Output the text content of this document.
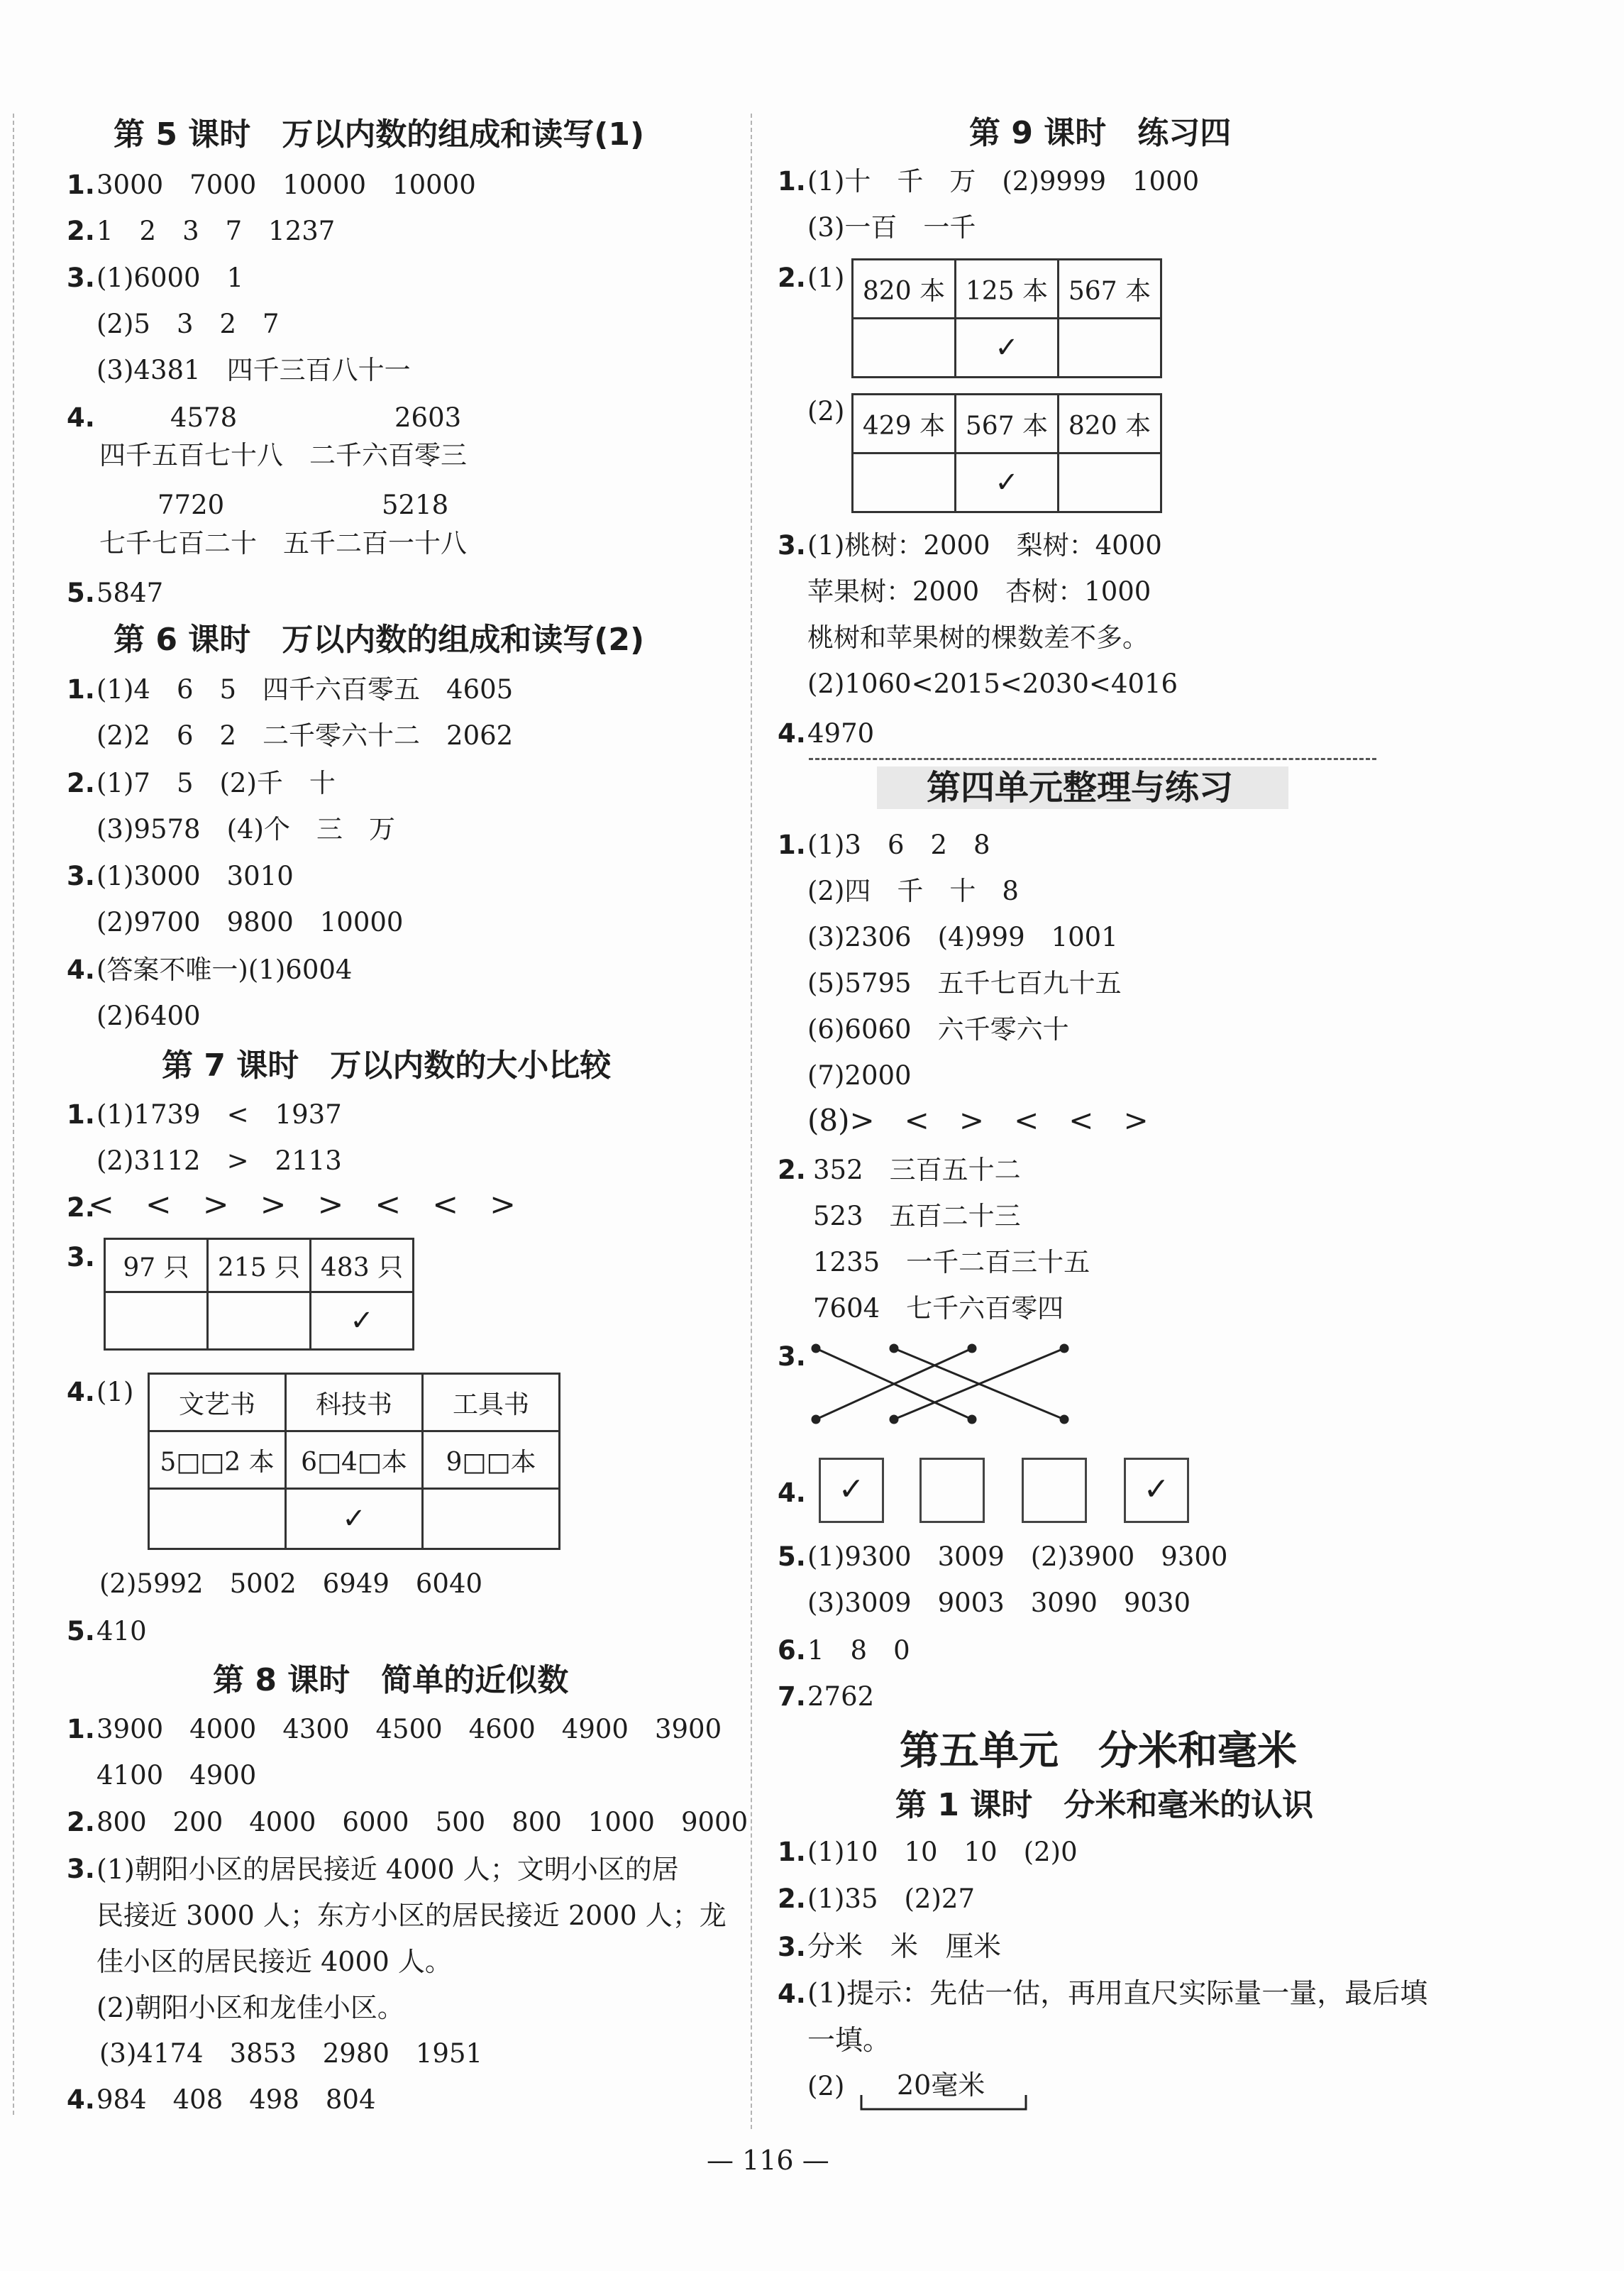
第 5 课时　万以内数的组成和读写(1)
1. 3000　7000　10000　10000
2. 1　2　3　7　1237
3. (1)6000　1
(2)5　3　2　7
(3)4381　四千三百八十一
4.	4578	2603
四千五百七十八　二千六百零三
7720	5218
七千七百二十　五千二百一十八
5. 5847
第 6 课时　万以内数的组成和读写(2)
1. (1)4　6　5　四千六百零五　4605
(2)2　6　2　二千零六十二　2062
2. (1)7　5　(2)千　十
(3)9578　(4)个　三　万
3. (1)3000　3010
(2)9700　9800　10000
4. (答案不唯一)(1)6004
(2)6400
第 7 课时　万以内数的大小比较
1. (1)1739　<　1937
(2)3112　>　2113
2.
<　<　>　>　>　<　<　>
3. 97 只	215 只	483 只
		✓
4. (1) 文艺书	科技书	工具书
5□□2 本	6□4□本	9□□本
	✓	
(2)5992　5002　6949　6040
5. 410
第 8 课时　简单的近似数
1. 3900　4000　4300　4500　4600　4900　3900
4100　4900
2. 800　200　4000　6000　500　800　1000　9000
3. (1)朝阳小区的居民接近 4000 人；文明小区的居
民接近 3000 人；东方小区的居民接近 2000 人；龙
佳小区的居民接近 4000 人。
(2)朝阳小区和龙佳小区。
(3)4174　3853　2980　1951
4. 984　408　498　804
第 9 课时　练习四
1. (1)十　千　万　(2)9999　1000
(3)一百　一千
2. (1) 820 本	125 本	567 本
	✓	
(2) 429 本	567 本	820 本
	✓	
3. (1)桃树：2000　梨树：4000
苹果树：2000　杏树：1000
桃树和苹果树的棵数差不多。
(2)1060<2015<2030<4016
4. 4970
第四单元整理与练习
1. (1)3　6　2　8
(2)四　千　十　8
(3)2306　(4)999　1001
(5)5795　五千七百九十五
(6)6060　六千零六十
(7)2000
(8)>　<　>　<　<　>
2. 352　三百五十二
523　五百二十三
1235　一千二百三十五
7604　七千六百零四
3.
4.	✓	✓
5. (1)9300　3009　(2)3900　9300
(3)3009　9003　3090　9030
6. 1　8　0
7. 2762
第五单元　分米和毫米
第 1 课时　分米和毫米的认识
1. (1)10　10　10　(2)0
2. (1)35　(2)27
3. 分米　米　厘米
4. (1)提示：先估一估，再用直尺实际量一量，最后填
一填。
(2) 20毫米
— 116 —
